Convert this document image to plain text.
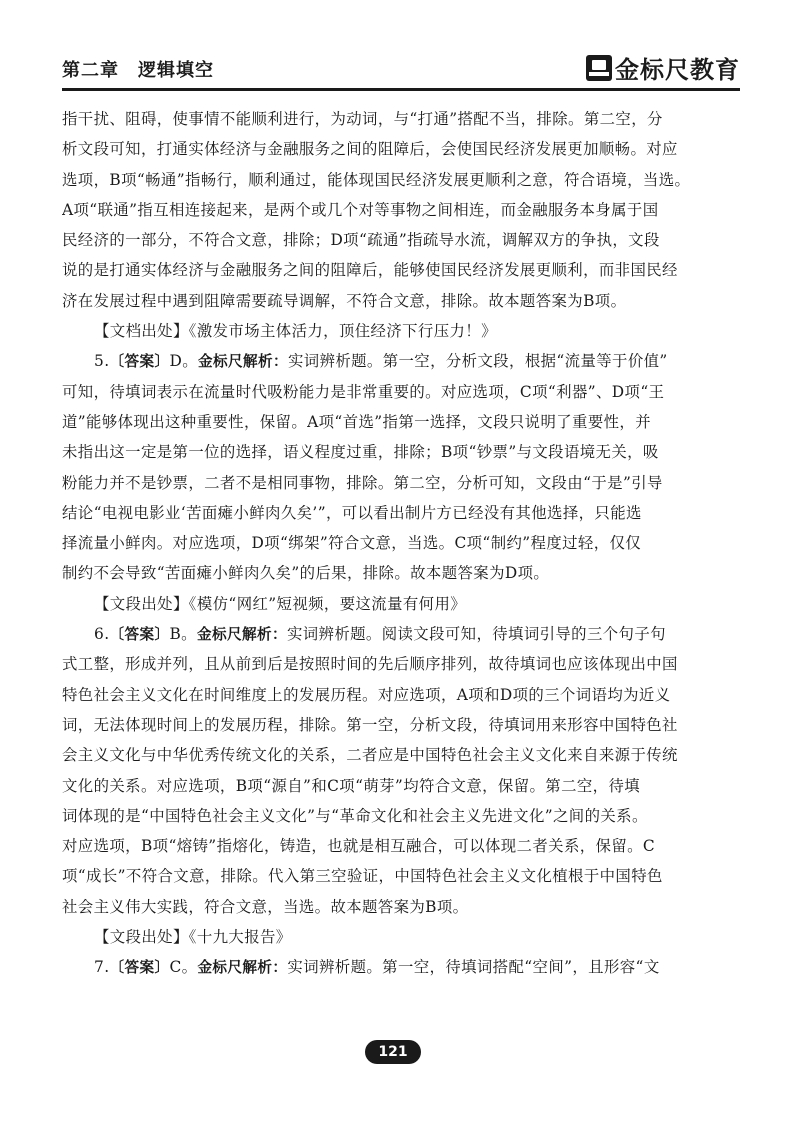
第二章　逻辑填空	金标尺教育
指干扰、阻碍，使事情不能顺利进行，为动词，与“打通”搭配不当，排除。第二空，分
析文段可知，打通实体经济与金融服务之间的阻障后，会使国民经济发展更加顺畅。对应
选项，B项“畅通”指畅行，顺利通过，能体现国民经济发展更顺利之意，符合语境，当选。
A项“联通”指互相连接起来，是两个或几个对等事物之间相连，而金融服务本身属于国
民经济的一部分，不符合文意，排除；D项“疏通”指疏导水流，调解双方的争执，文段
说的是打通实体经济与金融服务之间的阻障后，能够使国民经济发展更顺利，而非国民经
济在发展过程中遇到阻障需要疏导调解，不符合文意，排除。故本题答案为B项。
【文档出处】《激发市场主体活力，顶住经济下行压力！》
5.〔答案〕D。金标尺解析：实词辨析题。第一空，分析文段，根据“流量等于价值”
可知，待填词表示在流量时代吸粉能力是非常重要的。对应选项，C项“利器”、D项“王
道”能够体现出这种重要性，保留。A项“首选”指第一选择，文段只说明了重要性，并
未指出这一定是第一位的选择，语义程度过重，排除；B项“钞票”与文段语境无关，吸
粉能力并不是钞票，二者不是相同事物，排除。第二空，分析可知，文段由“于是”引导
结论“电视电影业‘苦面瘫小鲜肉久矣’”，可以看出制片方已经没有其他选择，只能选
择流量小鲜肉。对应选项，D项“绑架”符合文意，当选。C项“制约”程度过轻，仅仅
制约不会导致“苦面瘫小鲜肉久矣”的后果，排除。故本题答案为D项。
【文段出处】《模仿“网红”短视频，要这流量有何用》
6.〔答案〕B。金标尺解析：实词辨析题。阅读文段可知，待填词引导的三个句子句
式工整，形成并列，且从前到后是按照时间的先后顺序排列，故待填词也应该体现出中国
特色社会主义文化在时间维度上的发展历程。对应选项，A项和D项的三个词语均为近义
词，无法体现时间上的发展历程，排除。第一空，分析文段，待填词用来形容中国特色社
会主义文化与中华优秀传统文化的关系，二者应是中国特色社会主义文化来自来源于传统
文化的关系。对应选项，B项“源自”和C项“萌芽”均符合文意，保留。第二空，待填
词体现的是“中国特色社会主义文化”与“革命文化和社会主义先进文化”之间的关系。
对应选项，B项“熔铸”指熔化，铸造，也就是相互融合，可以体现二者关系，保留。C
项“成长”不符合文意，排除。代入第三空验证，中国特色社会主义文化植根于中国特色
社会主义伟大实践，符合文意，当选。故本题答案为B项。
【文段出处】《十九大报告》
7.〔答案〕C。金标尺解析：实词辨析题。第一空，待填词搭配“空间”，且形容“文
121
